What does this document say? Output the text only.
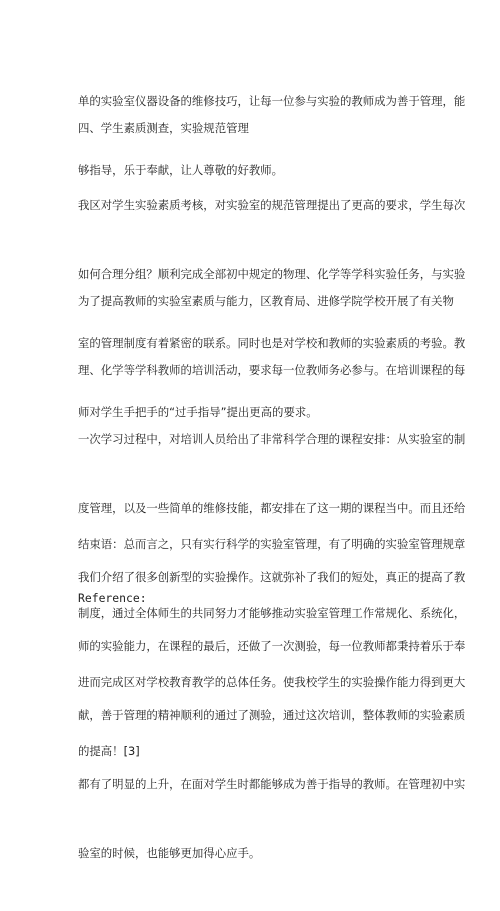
单的实验室仪器设备的维修技巧，让每一位参与实验的教师成为善于管理，能

够指导，乐于奉献，让人尊敬的好教师。

四、学生素质测查，实验规范管理

我区对学生实验素质考核，对实验室的规范管理提出了更高的要求，学生每次

如何合理分组？顺利完成全部初中规定的物理、化学等学科实验任务，与实验

室的管理制度有着紧密的联系。同时也是对学校和教师的实验素质的考验。教

师对学生手把手的“过手指导”提出更高的要求。

为了提高教师的实验室素质与能力，区教育局、进修学院学校开展了有关物

理、化学等学科教师的培训活动，要求每一位教师务必参与。在培训课程的每

一次学习过程中，对培训人员给出了非常科学合理的课程安排：从实验室的制

度管理，以及一些简单的维修技能，都安排在了这一期的课程当中。而且还给

我们介绍了很多创新型的实验操作。这就弥补了我们的短处，真正的提高了教

师的实验能力，在课程的最后，还做了一次测验，每一位教师都秉持着乐于奉

献，善于管理的精神顺利的通过了测验，通过这次培训，整体教师的实验素质

都有了明显的上升，在面对学生时都能够成为善于指导的教师。在管理初中实

验室的时候，也能够更加得心应手。

结束语：总而言之，只有实行科学的实验室管理，有了明确的实验室管理规章

制度，通过全体师生的共同努力才能够推动实验室管理工作常规化、系统化，

进而完成区对学校教育教学的总体任务。使我校学生的实验操作能力得到更大

的提高！[3]

Reference:
